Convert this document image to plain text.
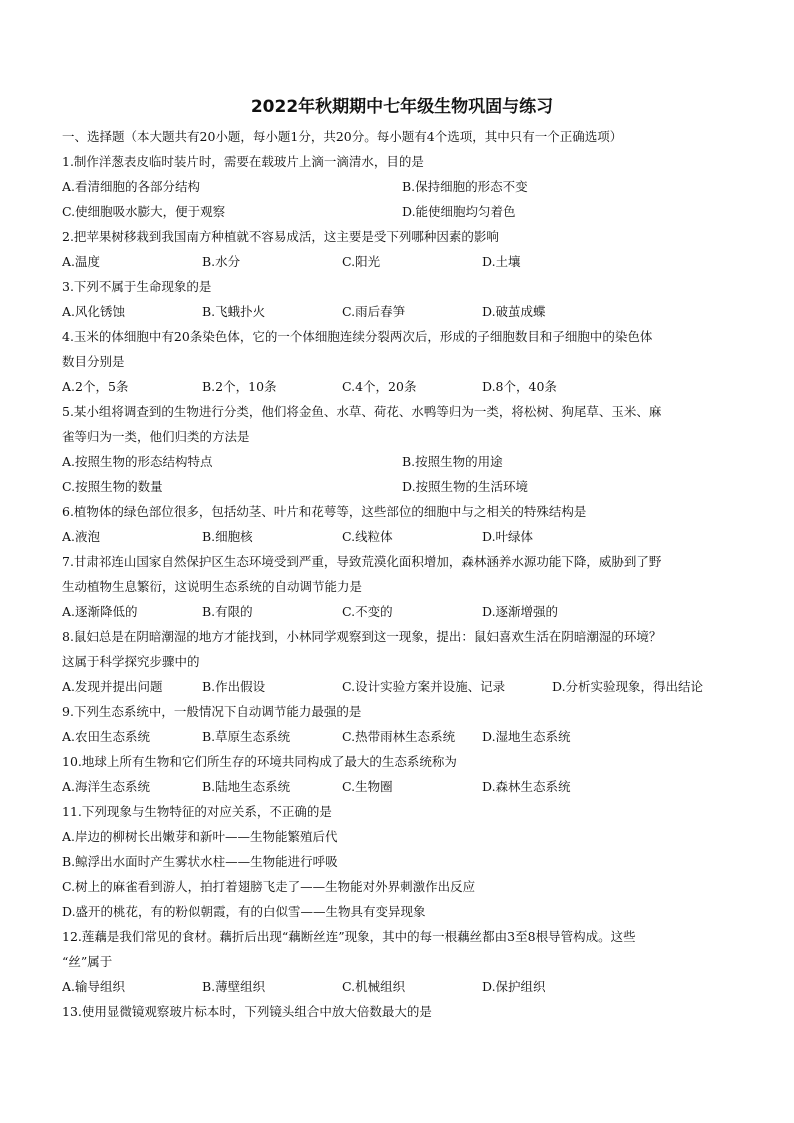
2022年秋期期中七年级生物巩固与练习
一、选择题（本大题共有20小题，每小题1分，共20分。每小题有4个选项，其中只有一个正确选项）
1.制作洋葱表皮临时装片时，需要在载玻片上滴一滴清水，目的是
A.看清细胞的各部分结构	B.保持细胞的形态不变
C.使细胞吸水膨大，便于观察	D.能使细胞均匀着色
2.把苹果树移栽到我国南方种植就不容易成活，这主要是受下列哪种因素的影响
A.温度	B.水分	C.阳光	D.土壤
3.下列不属于生命现象的是
A.风化锈蚀	B.飞蛾扑火	C.雨后春笋	D.破茧成蝶
4.玉米的体细胞中有20条染色体，它的一个体细胞连续分裂两次后，形成的子细胞数目和子细胞中的染色体
数目分别是
A.2个，5条	B.2个，10条	C.4个，20条	D.8个，40条
5.某小组将调查到的生物进行分类，他们将金鱼、水草、荷花、水鸭等归为一类，将松树、狗尾草、玉米、麻
雀等归为一类，他们归类的方法是
A.按照生物的形态结构特点	B.按照生物的用途
C.按照生物的数量	D.按照生物的生活环境
6.植物体的绿色部位很多，包括幼茎、叶片和花萼等，这些部位的细胞中与之相关的特殊结构是
A.液泡	B.细胞核	C.线粒体	D.叶绿体
7.甘肃祁连山国家自然保护区生态环境受到严重，导致荒漠化面积增加，森林涵养水源功能下降，威胁到了野
生动植物生息繁衍，这说明生态系统的自动调节能力是
A.逐渐降低的	B.有限的	C.不变的	D.逐渐增强的
8.鼠妇总是在阴暗潮湿的地方才能找到，小林同学观察到这一现象，提出：鼠妇喜欢生活在阴暗潮湿的环境？
这属于科学探究步骤中的
A.发现并提出问题	B.作出假设	C.设计实验方案并设施、记录	D.分析实验现象，得出结论
9.下列生态系统中，一般情况下自动调节能力最强的是
A.农田生态系统	B.草原生态系统	C.热带雨林生态系统	D.湿地生态系统
10.地球上所有生物和它们所生存的环境共同构成了最大的生态系统称为
A.海洋生态系统	B.陆地生态系统	C.生物圈	D.森林生态系统
11.下列现象与生物特征的对应关系，不正确的是
A.岸边的柳树长出嫩芽和新叶——生物能繁殖后代
B.鲸浮出水面时产生雾状水柱——生物能进行呼吸
C.树上的麻雀看到游人，拍打着翅膀飞走了——生物能对外界刺激作出反应
D.盛开的桃花，有的粉似朝霞，有的白似雪——生物具有变异现象
12.莲藕是我们常见的食材。藕折后出现“藕断丝连”现象，其中的每一根藕丝都由3至8根导管构成。这些
“丝”属于
A.输导组织	B.薄壁组织	C.机械组织	D.保护组织
13.使用显微镜观察玻片标本时，下列镜头组合中放大倍数最大的是
